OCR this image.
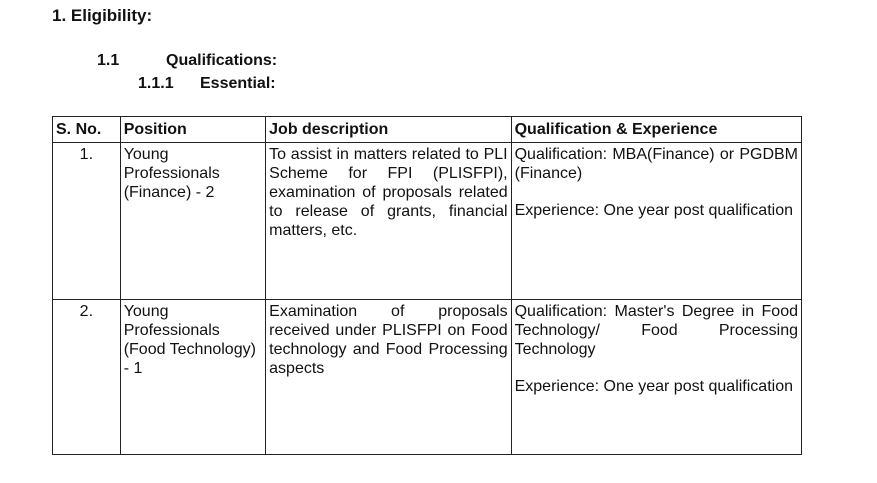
1. Eligibility:
1.1	Qualifications:
1.1.1 Essential:
S. No.	Position	Job description	Qualification & Experience
1.	Young Professionals (Finance) - 2	To assist in matters related to PLI Scheme for FPI (PLISFPI), examination of proposals related to release of grants, financial matters, etc.	Qualification: MBA(Finance) or PGDBM (Finance)
Experience: One year post qualification

2.	Young Professionals (Food Technology) - 1	Examination of proposals received under PLISFPI on Food technology and Food Processing aspects	Qualification: Master's Degree in Food Technology/ Food Processing Technology
Experience: One year post qualification
